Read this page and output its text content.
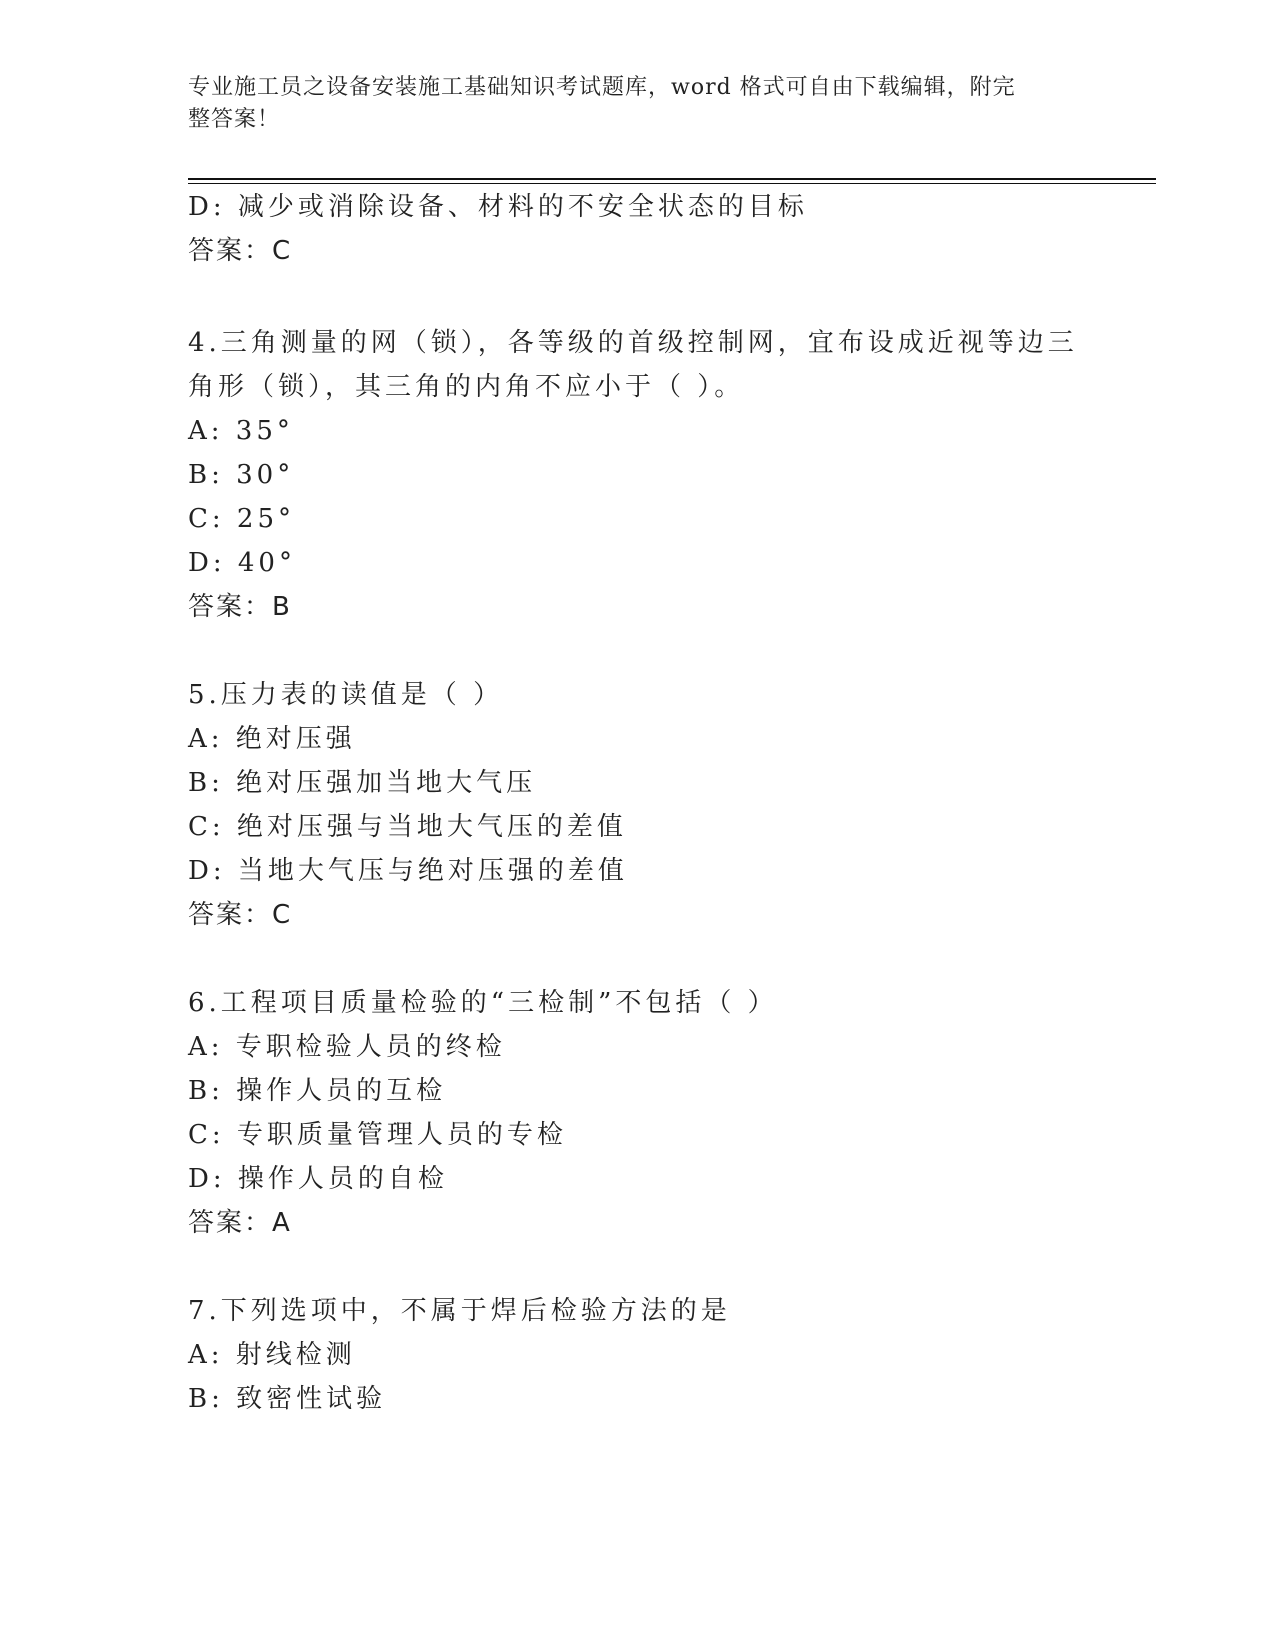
专业施工员之设备安装施工基础知识考试题库，word 格式可自由下载编辑，附完
整答案！
D: 减少或消除设备、材料的不安全状态的目标
答案：C
4.三角测量的网（锁），各等级的首级控制网，宜布设成近视等边三
角形（锁），其三角的内角不应小于（ ）。
A: 35°
B: 30°
C: 25°
D: 40°
答案：B
5.压力表的读值是（ ）
A: 绝对压强
B: 绝对压强加当地大气压
C: 绝对压强与当地大气压的差值
D: 当地大气压与绝对压强的差值
答案：C
6.工程项目质量检验的“三检制”不包括（ ）
A: 专职检验人员的终检
B: 操作人员的互检
C: 专职质量管理人员的专检
D: 操作人员的自检
答案：A
7.下列选项中，不属于焊后检验方法的是
A: 射线检测
B: 致密性试验
